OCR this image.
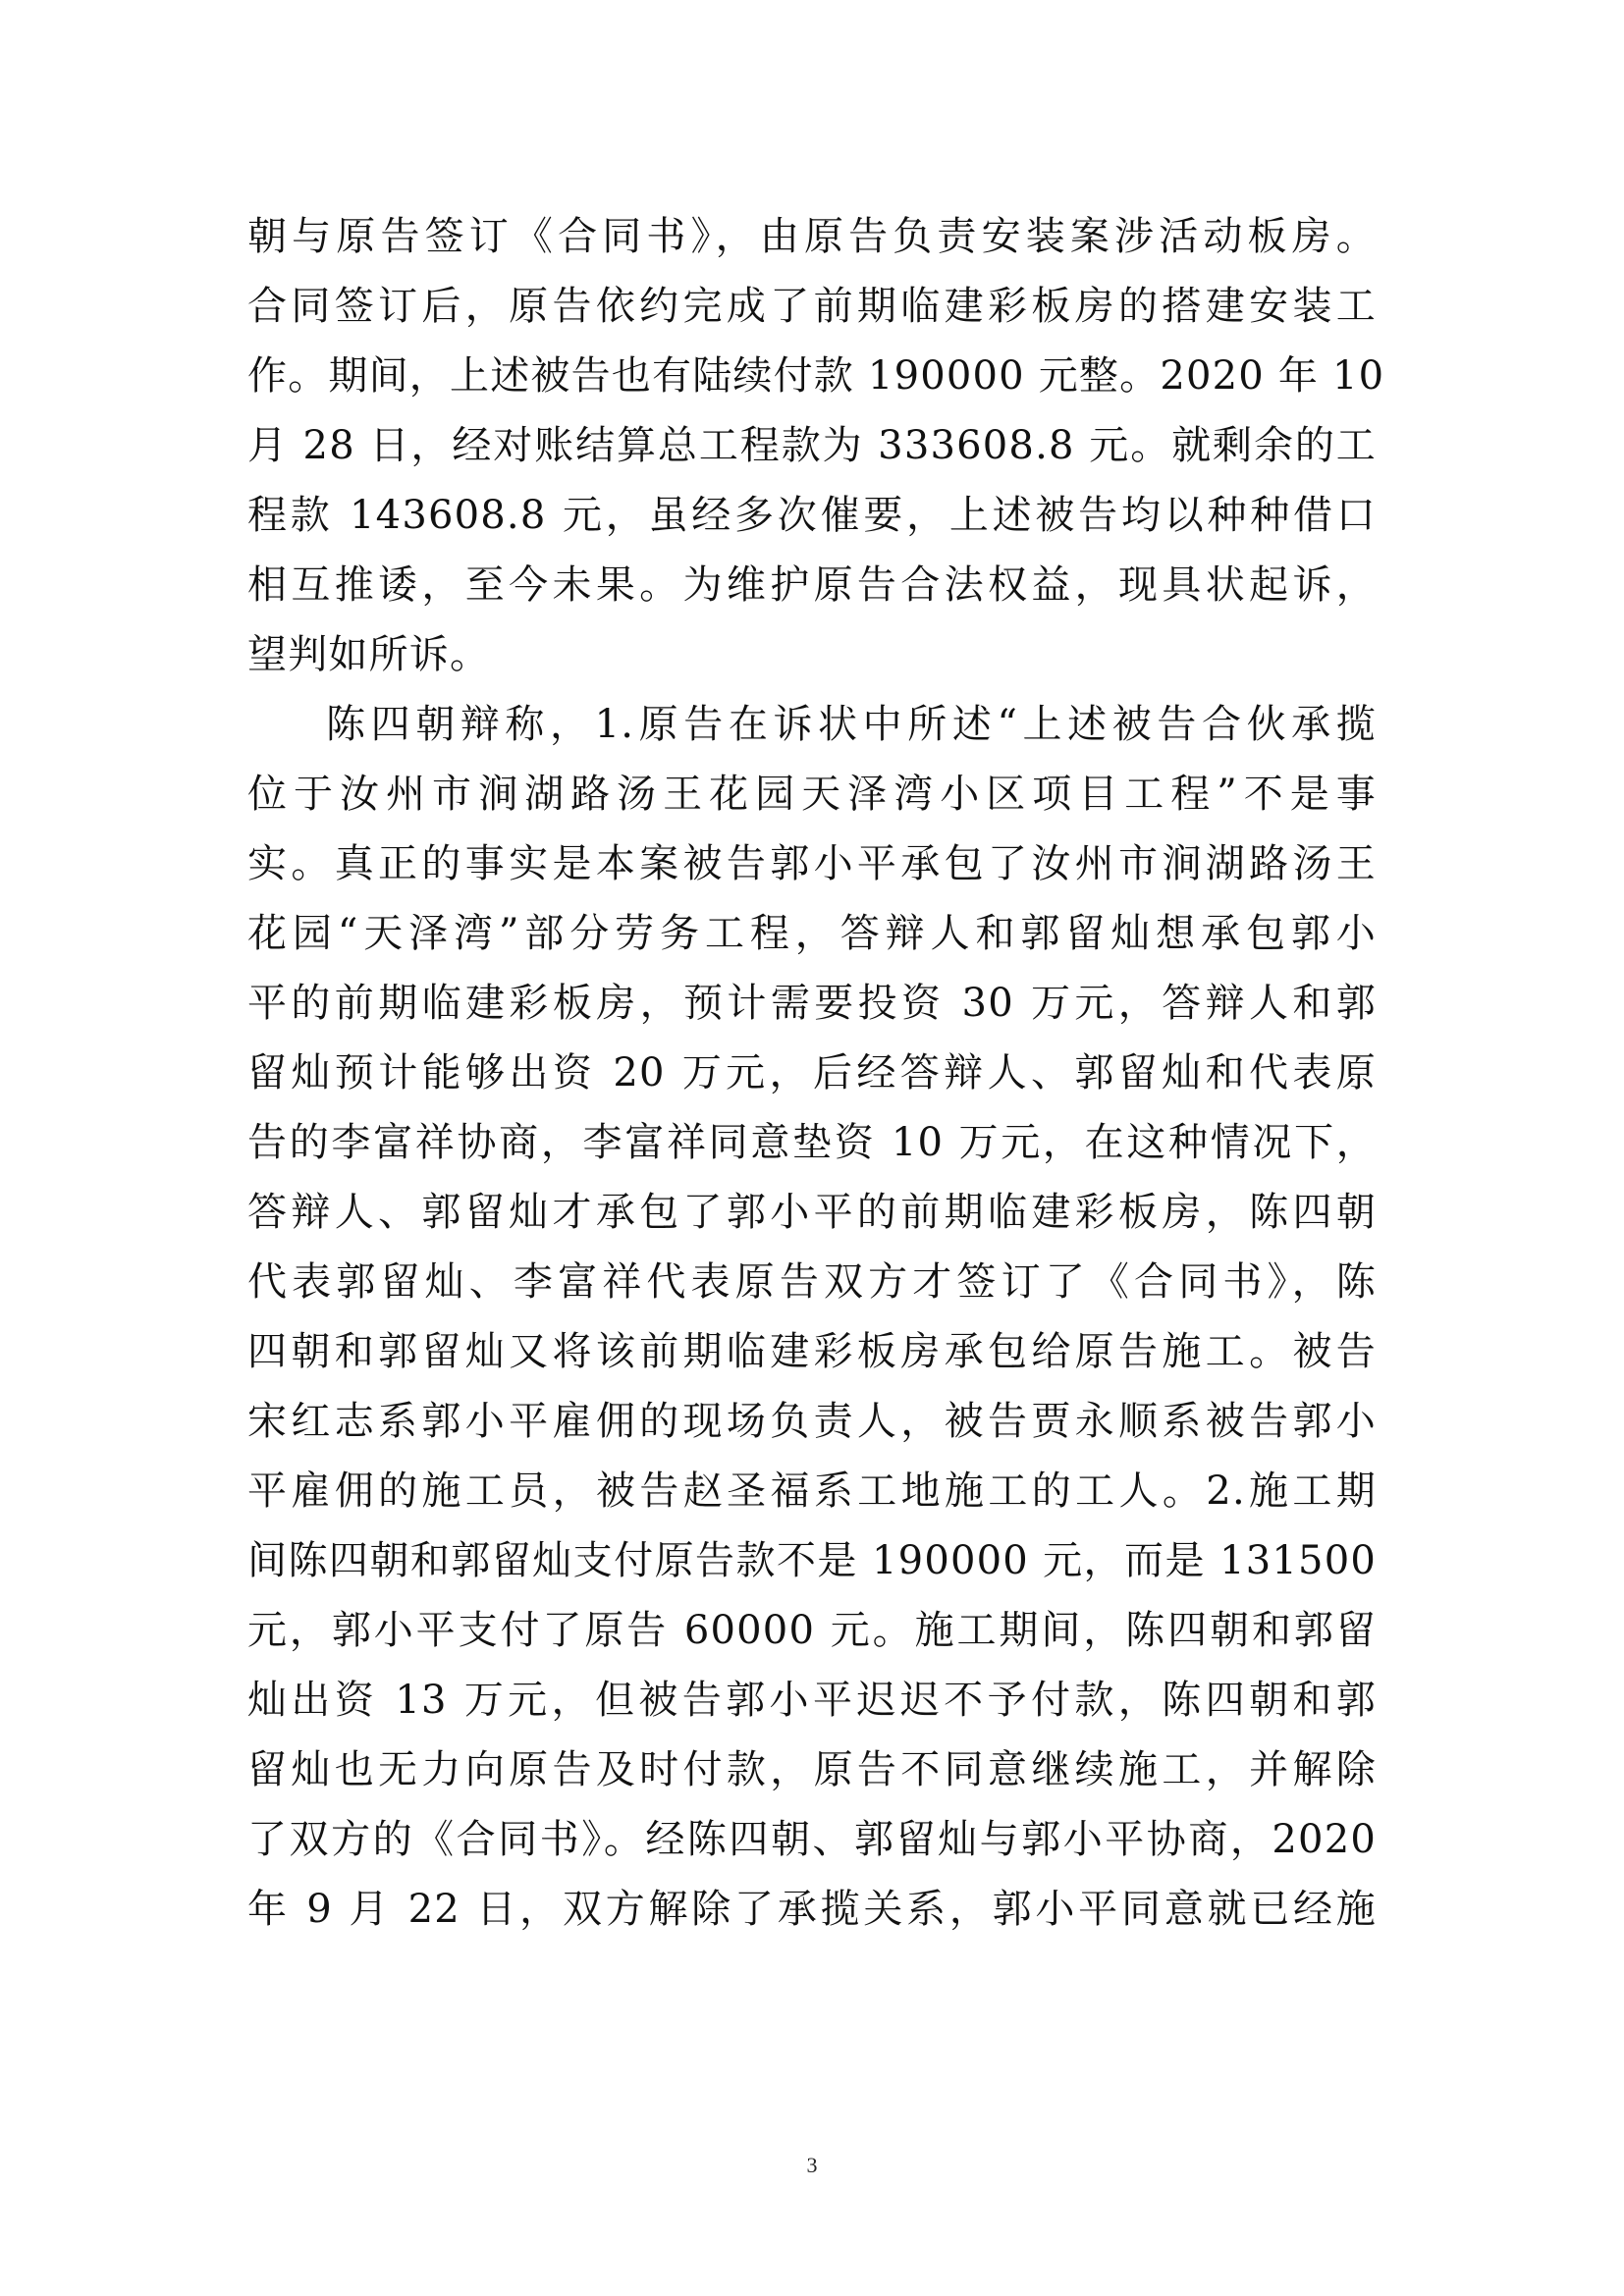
朝与原告签订《合同书》，由原告负责安装案涉活动板房。
合同签订后，原告依约完成了前期临建彩板房的搭建安装工
作。期间，上述被告也有陆续付款 190000 元整。2020 年 10
月 28 日，经对账结算总工程款为 333608.8 元。就剩余的工
程款 143608.8 元，虽经多次催要，上述被告均以种种借口
相互推诿，至今未果。为维护原告合法权益，现具状起诉，
望判如所诉。
陈四朝辩称，1.原告在诉状中所述“上述被告合伙承揽
位于汝州市涧湖路汤王花园天泽湾小区项目工程”不是事
实。真正的事实是本案被告郭小平承包了汝州市涧湖路汤王
花园“天泽湾”部分劳务工程，答辩人和郭留灿想承包郭小
平的前期临建彩板房，预计需要投资 30 万元，答辩人和郭
留灿预计能够出资 20 万元，后经答辩人、郭留灿和代表原
告的李富祥协商，李富祥同意垫资 10 万元，在这种情况下，
答辩人、郭留灿才承包了郭小平的前期临建彩板房，陈四朝
代表郭留灿、李富祥代表原告双方才签订了《合同书》，陈
四朝和郭留灿又将该前期临建彩板房承包给原告施工。被告
宋红志系郭小平雇佣的现场负责人，被告贾永顺系被告郭小
平雇佣的施工员，被告赵圣福系工地施工的工人。2.施工期
间陈四朝和郭留灿支付原告款不是 190000 元，而是 131500
元，郭小平支付了原告 60000 元。施工期间，陈四朝和郭留
灿出资 13 万元，但被告郭小平迟迟不予付款，陈四朝和郭
留灿也无力向原告及时付款，原告不同意继续施工，并解除
了双方的《合同书》。经陈四朝、郭留灿与郭小平协商，2020
年 9 月 22 日，双方解除了承揽关系，郭小平同意就已经施
3
